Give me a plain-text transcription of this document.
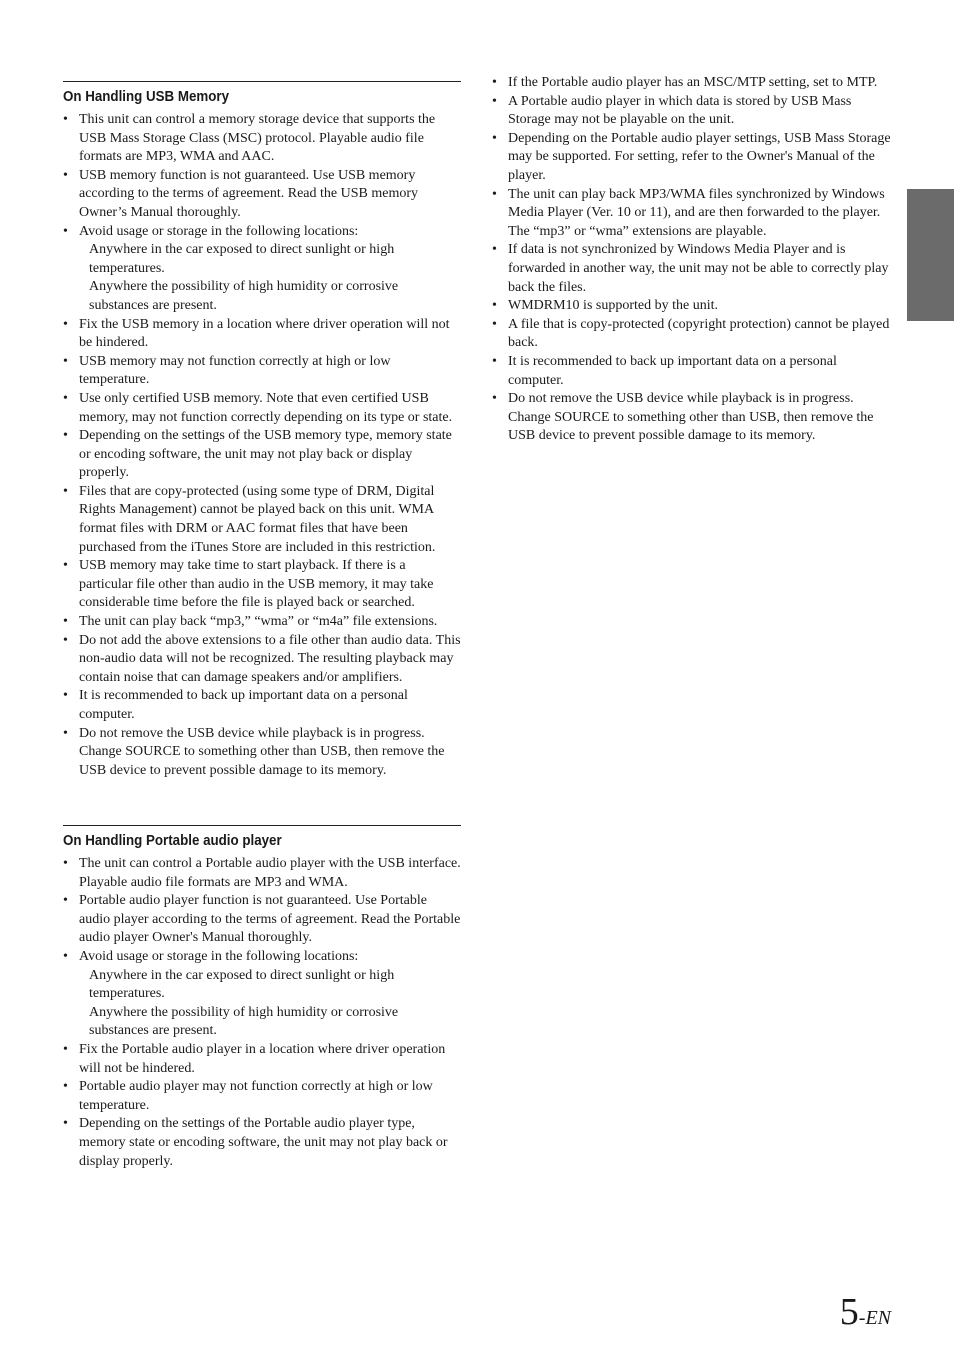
On Handling USB Memory
• This unit can control a memory storage device that supports the USB Mass Storage Class (MSC) protocol. Playable audio file formats are MP3, WMA and AAC.
• USB memory function is not guaranteed. Use USB memory according to the terms of agreement. Read the USB memory Owner’s Manual thoroughly.
• Avoid usage or storage in the following locations:
Anywhere in the car exposed to direct sunlight or high temperatures.
Anywhere the possibility of high humidity or corrosive substances are present.
• Fix the USB memory in a location where driver operation will not be hindered.
• USB memory may not function correctly at high or low temperature.
• Use only certified USB memory. Note that even certified USB memory, may not function correctly depending on its type or state.
• Depending on the settings of the USB memory type, memory state or encoding software, the unit may not play back or display properly.
• Files that are copy-protected (using some type of DRM, Digital Rights Management) cannot be played back on this unit. WMA format files with DRM or AAC format files that have been purchased from the iTunes Store are included in this restriction.
• USB memory may take time to start playback. If there is a particular file other than audio in the USB memory, it may take considerable time before the file is played back or searched.
• The unit can play back “mp3,” “wma” or “m4a” file extensions.
• Do not add the above extensions to a file other than audio data. This non-audio data will not be recognized. The resulting playback may contain noise that can damage speakers and/or amplifiers.
• It is recommended to back up important data on a personal computer.
• Do not remove the USB device while playback is in progress. Change SOURCE to something other than USB, then remove the USB device to prevent possible damage to its memory.
On Handling Portable audio player
• The unit can control a Portable audio player with the USB interface. Playable audio file formats are MP3 and WMA.
• Portable audio player function is not guaranteed. Use Portable audio player according to the terms of agreement. Read the Portable audio player Owner's Manual thoroughly.
• Avoid usage or storage in the following locations:
Anywhere in the car exposed to direct sunlight or high temperatures.
Anywhere the possibility of high humidity or corrosive substances are present.
• Fix the Portable audio player in a location where driver operation will not be hindered.
• Portable audio player may not function correctly at high or low temperature.
• Depending on the settings of the Portable audio player type, memory state or encoding software, the unit may not play back or display properly.
• If the Portable audio player has an MSC/MTP setting, set to MTP.
• A Portable audio player in which data is stored by USB Mass Storage may not be playable on the unit.
• Depending on the Portable audio player settings, USB Mass Storage may be supported. For setting, refer to the Owner's Manual of the player.
• The unit can play back MP3/WMA files synchronized by Windows Media Player (Ver. 10 or 11), and are then forwarded to the player. The “mp3” or “wma” extensions are playable.
• If data is not synchronized by Windows Media Player and is forwarded in another way, the unit may not be able to correctly play back the files.
• WMDRM10 is supported by the unit.
• A file that is copy-protected (copyright protection) cannot be played back.
• It is recommended to back up important data on a personal computer.
• Do not remove the USB device while playback is in progress. Change SOURCE to something other than USB, then remove the USB device to prevent possible damage to its memory.
5-EN
